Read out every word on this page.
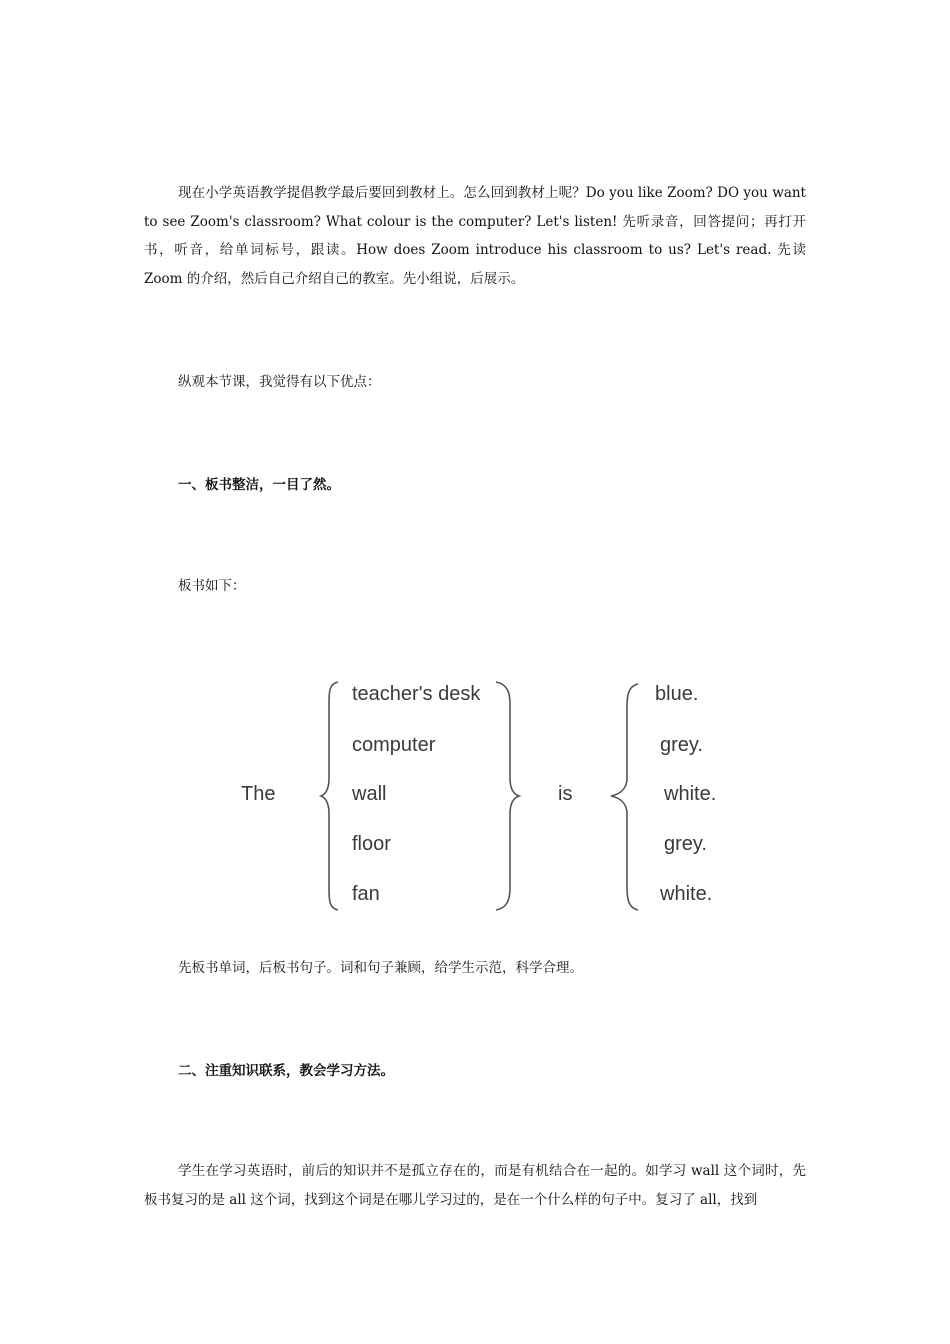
现在小学英语教学提倡教学最后要回到教材上。怎么回到教材上呢？Do you like Zoom? DO you want to see Zoom's classroom? What colour is the computer? Let's listen! 先听录音，回答提问；再打开书，听音，给单词标号，跟读。How does Zoom introduce his classroom to us? Let's read. 先读 Zoom 的介绍，然后自己介绍自己的教室。先小组说，后展示。

纵观本节课，我觉得有以下优点：

一、板书整洁，一目了然。

板书如下：

The
teacher's desk
computer
wall
floor
fan
is
blue.
grey.
white.
grey.
white.

先板书单词，后板书句子。词和句子兼顾，给学生示范，科学合理。

二、注重知识联系，教会学习方法。

学生在学习英语时，前后的知识并不是孤立存在的，而是有机结合在一起的。如学习 wall 这个词时，先板书复习的是 all 这个词，找到这个词是在哪儿学习过的，是在一个什么样的句子中。复习了 all，找到
